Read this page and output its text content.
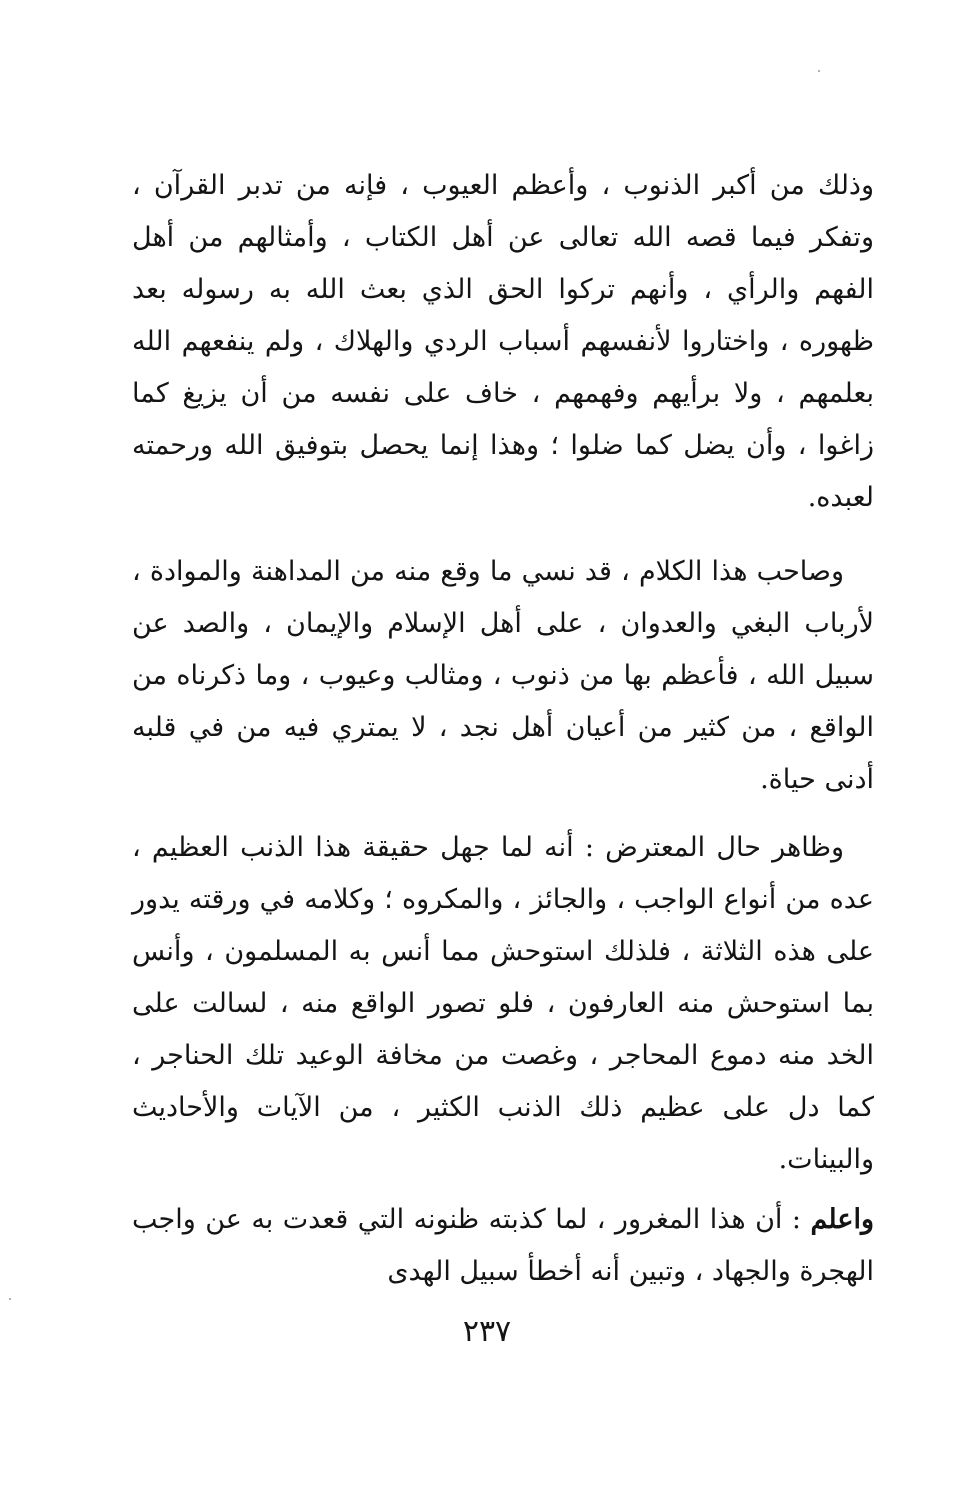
وذلك من أكبر الذنوب ، وأعظم العيوب ، فإنه من تدبر القرآن ، وتفكر فيما قصه الله تعالى عن أهل الكتاب ، وأمثالهم من أهل الفهم والرأي ، وأنهم تركوا الحق الذي بعث الله به رسوله بعد ظهوره ، واختاروا لأنفسهم أسباب الردي والهلاك ، ولم ينفعهم الله بعلمهم ، ولا برأيهم وفهمهم ، خاف على نفسه من أن يزيغ كما زاغوا ، وأن يضل كما ضلوا ؛ وهذا إنما يحصل بتوفيق الله ورحمته لعبده.

وصاحب هذا الكلام ، قد نسي ما وقع منه من المداهنة والموادة ، لأرباب البغي والعدوان ، على أهل الإسلام والإيمان ، والصد عن سبيل الله ، فأعظم بها من ذنوب ، ومثالب وعيوب ، وما ذكرناه من الواقع ، من كثير من أعيان أهل نجد ، لا يمتري فيه من في قلبه أدنى حياة.

وظاهر حال المعترض : أنه لما جهل حقيقة هذا الذنب العظيم ، عده من أنواع الواجب ، والجائز ، والمكروه ؛ وكلامه في ورقته يدور على هذه الثلاثة ، فلذلك استوحش مما أنس به المسلمون ، وأنس بما استوحش منه العارفون ، فلو تصور الواقع منه ، لسالت على الخد منه دموع المحاجر ، وغصت من مخافة الوعيد تلك الحناجر ، كما دل على عظيم ذلك الذنب الكثير ، من الآيات والأحاديث والبينات.

واعلم : أن هذا المغرور ، لما كذبته ظنونه التي قعدت به عن واجب الهجرة والجهاد ، وتبين أنه أخطأ سبيل الهدى

٢٣٧
